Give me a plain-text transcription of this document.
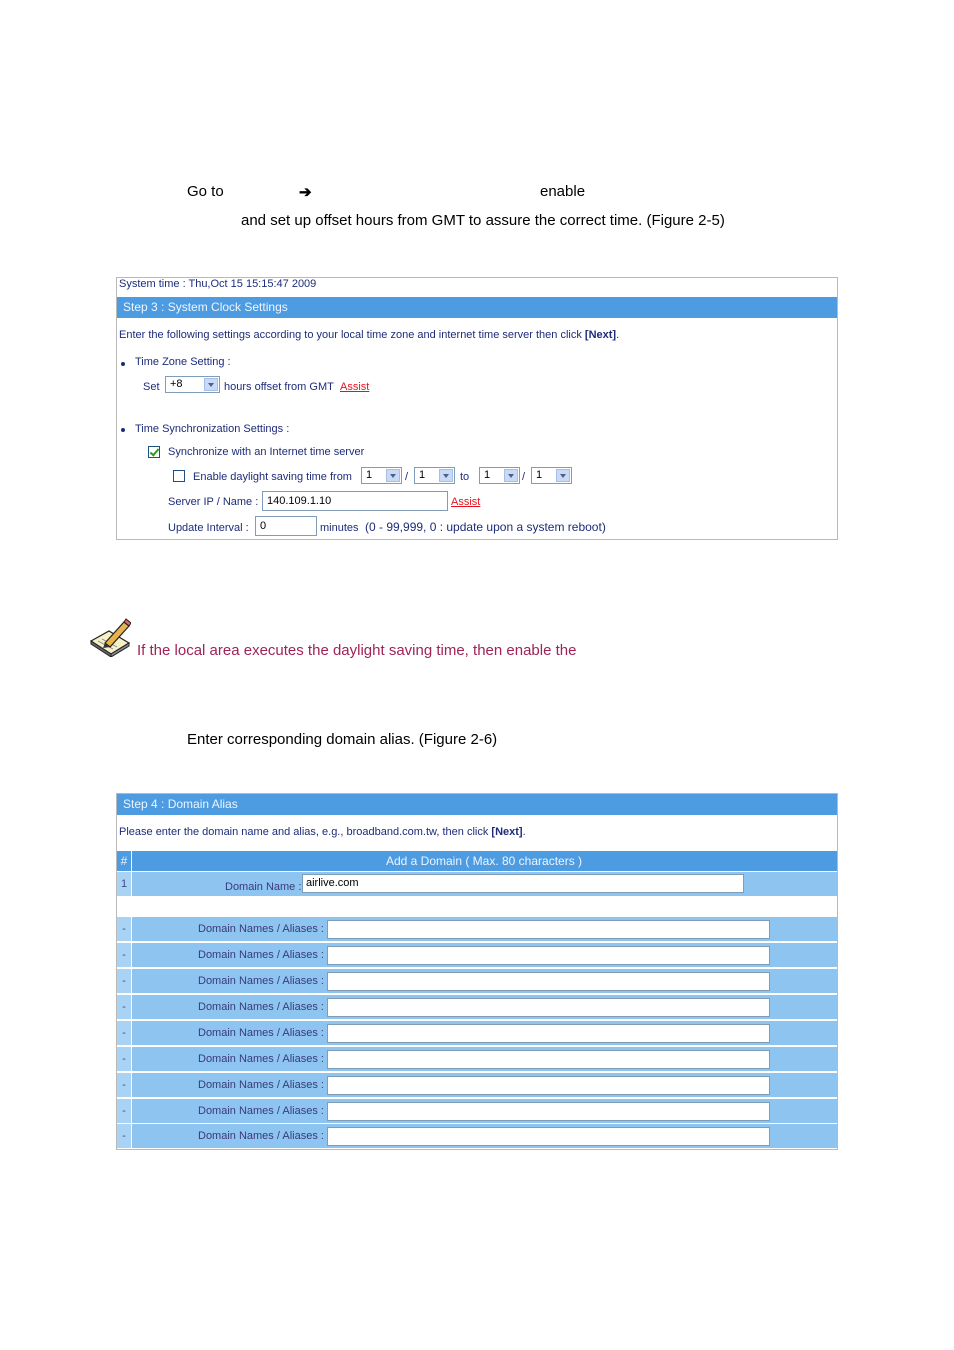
Go to	➔	enable
and set up offset hours from GMT to assure the correct time. (Figure 2-5)
System time : Thu,Oct 15 15:15:47 2009
Step 3 : System Clock Settings
Enter the following settings according to your local time zone and internet time server then click [Next].
Time Zone Setting :
Set +8	hours offset from GMT Assist
Time Synchronization Settings :
Synchronize with an Internet time server
Enable daylight saving time from 1	/ 1	to 1	/ 1
Server IP / Name : 140.109.1.10	Assist
Update Interval : 0	minutes (0 - 99,999, 0 : update upon a system reboot)
If the local area executes the daylight saving time, then enable the
Enter corresponding domain alias. (Figure 2-6)
Step 4 : Domain Alias
Please enter the domain name and alias, e.g., broadband.com.tw, then click [Next].
#	Add a Domain ( Max. 80 characters )
1	Domain Name : airlive.com
-	Domain Names / Aliases :
-	Domain Names / Aliases :
-	Domain Names / Aliases :
-	Domain Names / Aliases :
-	Domain Names / Aliases :
-	Domain Names / Aliases :
-	Domain Names / Aliases :
-	Domain Names / Aliases :
-	Domain Names / Aliases :
